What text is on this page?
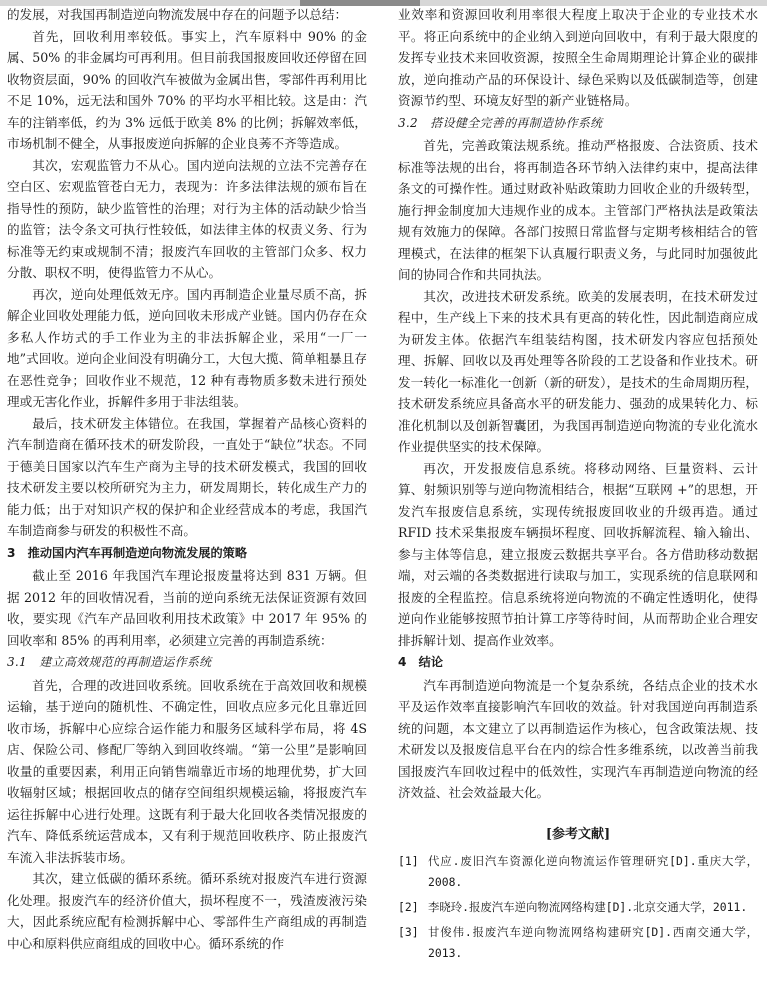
的发展，对我国再制造逆向物流发展中存在的问题予以总结：

首先，回收利用率较低。事实上，汽车原料中 90% 的金属、50% 的非金属均可再利用。但目前我国报废回收还停留在回收物资层面，90% 的回收汽车被做为金属出售，零部件再利用比不足 10%，远无法和国外 70% 的平均水平相比较。这是由：汽车的注销率低，约为 3% 远低于欧美 8% 的比例；拆解效率低，市场机制不健全，从事报废逆向拆解的企业良莠不齐等造成。

其次，宏观监管力不从心。国内逆向法规的立法不完善存在空白区、宏观监管苍白无力，表现为：许多法律法规的颁布旨在指导性的预防，缺少监管性的治理；对行为主体的活动缺少恰当的监管；法令条文可执行性较低，如法律主体的权责义务、行为标准等无约束或规制不清；报废汽车回收的主管部门众多、权力分散、职权不明，使得监管力不从心。

再次，逆向处理低效无序。国内再制造企业量尽质不高，拆解企业回收处理能力低，逆向回收未形成产业链。国内仍存在众多私人作坊式的手工作业为主的非法拆解企业，采用“一厂一地”式回收。逆向企业间没有明确分工，大包大揽、简单粗暴且存在恶性竞争；回收作业不规范，12 种有毒物质多数未进行预处理或无害化作业，拆解件多用于非法组装。

最后，技术研发主体错位。在我国，掌握着产品核心资料的汽车制造商在循环技术的研发阶段，一直处于“缺位”状态。不同于德美日国家以汽车生产商为主导的技术研发模式，我国的回收技术研发主要以校所研究为主力，研发周期长，转化成生产力的能力低；出于对知识产权的保护和企业经营成本的考虑，我国汽车制造商参与研发的积极性不高。

3　推动国内汽车再制造逆向物流发展的策略

截止至 2016 年我国汽车理论报废量将达到 831 万辆。但据 2012 年的回收情况看，当前的逆向系统无法保证资源有效回收，要实现《汽车产品回收利用技术政策》中 2017 年 95% 的回收率和 85% 的再利用率，必须建立完善的再制造系统：

3.1　建立高效规范的再制造运作系统

首先，合理的改进回收系统。回收系统在于高效回收和规模运输，基于逆向的随机性、不确定性，回收点应多元化且靠近回收市场，拆解中心应综合运作能力和服务区域科学布局，将 4S 店、保险公司、修配厂等纳入到回收终端。“第一公里”是影响回收量的重要因素，利用正向销售端靠近市场的地理优势，扩大回收辐射区域；根据回收点的储存空间组织规模运输，将报废汽车运往拆解中心进行处理。这既有利于最大化回收各类情况报废的汽车、降低系统运营成本，又有利于规范回收秩序、防止报废汽车流入非法拆装市场。

其次，建立低碳的循环系统。循环系统对报废汽车进行资源化处理。报废汽车的经济价值大，损坏程度不一，残渣废液污染大，因此系统应配有检测拆解中心、零部件生产商组成的再制造中心和原料供应商组成的回收中心。循环系统的作

业效率和资源回收利用率很大程度上取决于企业的专业技术水平。将正向系统中的企业纳入到逆向回收中，有利于最大限度的发挥专业技术来回收资源，按照全生命周期理论计算企业的碳排放，逆向推动产品的环保设计、绿色采购以及低碳制造等，创建资源节约型、环境友好型的新产业链格局。

3.2　搭设健全完善的再制造协作系统

首先，完善政策法规系统。推动严格报废、合法资质、技术标准等法规的出台，将再制造各环节纳入法律约束中，提高法律条文的可操作性。通过财政补贴政策助力回收企业的升级转型，施行押金制度加大违规作业的成本。主管部门严格执法是政策法规有效施力的保障。各部门按照日常监督与定期考核相结合的管理模式，在法律的框架下认真履行职责义务，与此同时加强彼此间的协同合作和共同执法。

其次，改进技术研发系统。欧美的发展表明，在技术研发过程中，生产线上下来的技术具有更高的转化性，因此制造商应成为研发主体。依据汽车组装结构图，技术研发内容应包括预处理、拆解、回收以及再处理等各阶段的工艺设备和作业技术。研发一转化一标准化一创新（新的研发），是技术的生命周期历程，技术研发系统应具备高水平的研发能力、强劲的成果转化力、标准化机制以及创新智囊团，为我国再制造逆向物流的专业化流水作业提供坚实的技术保障。

再次，开发报废信息系统。将移动网络、巨量资料、云计算、射频识别等与逆向物流相结合，根据“互联网 +”的思想，开发汽车报废信息系统，实现传统报废回收业的升级再造。通过 RFID 技术采集报废车辆损坏程度、回收拆解流程、输入输出、参与主体等信息，建立报废云数据共享平台。各方借助移动数据端，对云端的各类数据进行读取与加工，实现系统的信息联网和报废的全程监控。信息系统将逆向物流的不确定性透明化，使得逆向作业能够按照节拍计算工序等待时间，从而帮助企业合理安排拆解计划、提高作业效率。

4　结论

汽车再制造逆向物流是一个复杂系统，各结点企业的技术水平及运作效率直接影响汽车回收的效益。针对我国逆向再制造系统的问题，本文建立了以再制造运作为核心，包含政策法规、技术研发以及报废信息平台在内的综合性多维系统，以改善当前我国报废汽车回收过程中的低效性，实现汽车再制造逆向物流的经济效益、社会效益最大化。

[参考文献]

[1] 代应.废旧汽车资源化逆向物流运作管理研究[D].重庆大学，2008.
[2] 李晓玲.报废汽车逆向物流网络构建[D].北京交通大学，2011.
[3] 甘俊伟.报废汽车逆向物流网络构建研究[D].西南交通大学，2013.
